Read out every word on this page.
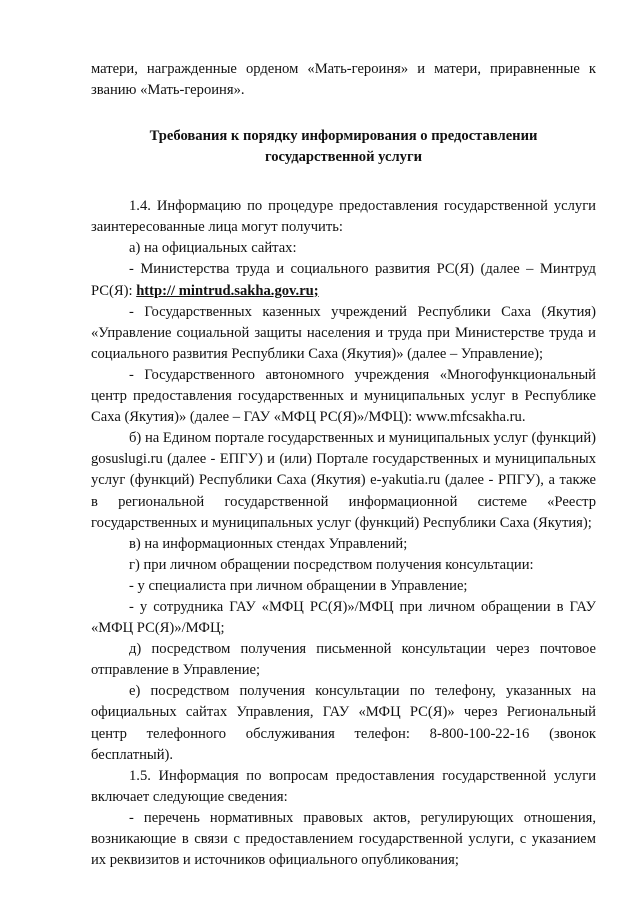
матери, награжденные орденом «Мать-героиня» и матери, приравненные к званию «Мать-героиня».

Требования к порядку информирования о предоставлении
государственной услуги

1.4. Информацию по процедуре предоставления государственной услуги заинтересованные лица могут получить:

а) на официальных сайтах:

- Министерства труда и социального развития РС(Я) (далее – Минтруд РС(Я): http:// mintrud.sakha.gov.ru;

- Государственных казенных учреждений Республики Саха (Якутия) «Управление социальной защиты населения и труда при Министерстве труда и социального развития Республики Саха (Якутия)» (далее – Управление);

- Государственного автономного учреждения «Многофункциональный центр предоставления государственных и муниципальных услуг в Республике Саха (Якутия)» (далее – ГАУ «МФЦ РС(Я)»/МФЦ): www.mfcsakha.ru.

б) на Едином портале государственных и муниципальных услуг (функций) gosuslugi.ru (далее - ЕПГУ) и (или) Портале государственных и муниципальных услуг (функций) Республики Саха (Якутия) e-yakutia.ru (далее - РПГУ), а также в региональной государственной информационной системе «Реестр государственных и муниципальных услуг (функций) Республики Саха (Якутия);

в) на информационных стендах Управлений;

г) при личном обращении посредством получения консультации:

- у специалиста при личном обращении в Управление;

- у сотрудника ГАУ «МФЦ РС(Я)»/МФЦ при личном обращении в ГАУ «МФЦ РС(Я)»/МФЦ;

д) посредством получения письменной консультации через почтовое отправление в Управление;

е) посредством получения консультации по телефону, указанных на официальных сайтах Управления, ГАУ «МФЦ РС(Я)» через Региональный центр телефонного обслуживания телефон: 8-800-100-22-16 (звонок бесплатный).

1.5. Информация по вопросам предоставления государственной услуги включает следующие сведения:

- перечень нормативных правовых актов, регулирующих отношения, возникающие в связи с предоставлением государственной услуги, с указанием их реквизитов и источников официального опубликования;
